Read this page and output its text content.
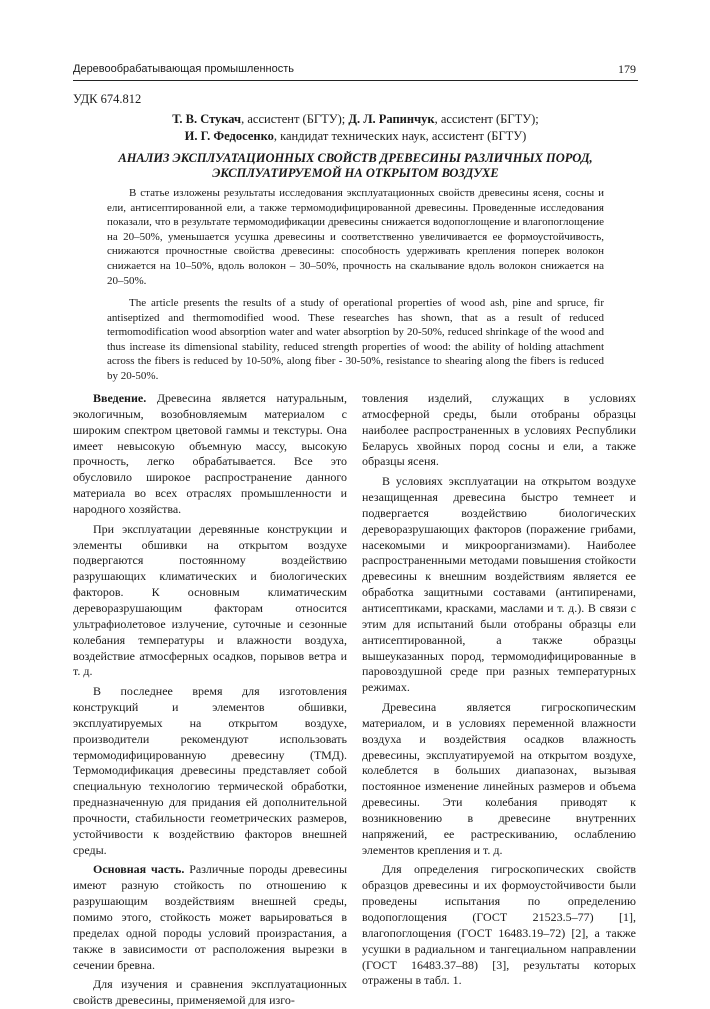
Деревообрабатывающая промышленность	179
УДК 674.812
Т. В. Стукач, ассистент (БГТУ); Д. Л. Рапинчук, ассистент (БГТУ);
И. Г. Федосенко, кандидат технических наук, ассистент (БГТУ)
АНАЛИЗ ЭКСПЛУАТАЦИОННЫХ СВОЙСТВ ДРЕВЕСИНЫ РАЗЛИЧНЫХ ПОРОД,
ЭКСПЛУАТИРУЕМОЙ НА ОТКРЫТОМ ВОЗДУХЕ

В статье изложены результаты исследования эксплуатационных свойств древесины ясеня, сосны и ели, антисептированной ели, а также термомодифицированной древесины. Проведенные исследования показали, что в результате термомодификации древесины снижается водопоглощение и влагопоглощение на 20–50%, уменьшается усушка древесины и соответственно увеличивается ее формоустойчивость, снижаются прочностные свойства древесины: способность удерживать крепления поперек волокон снижается на 10–50%, вдоль волокон – 30–50%, прочность на скалывание вдоль волокон снижается на 20–50%.

The article presents the results of a study of operational properties of wood ash, pine and spruce, fir antiseptized and thermomodified wood. These researches has shown, that as a result of reduced termomodification wood absorption water and water absorption by 20-50%, reduced shrinkage of the wood and thus increase its dimensional stability, reduced strength properties of wood: the ability of holding attachment across the fibers is reduced by 10-50%, along fiber - 30-50%, resistance to shearing along the fibers is reduced by 20-50%.

Введение. Древесина является натуральным, экологичным, возобновляемым материалом с широким спектром цветовой гаммы и текстуры. Она имеет невысокую объемную массу, высокую прочность, легко обрабатывается. Все это обусловило широкое распространение данного материала во всех отраслях промышленности и народного хозяйства.

При эксплуатации деревянные конструкции и элементы обшивки на открытом воздухе подвергаются постоянному воздействию разрушающих климатических и биологических факторов. К основным климатическим дереворазрушающим факторам относится ультрафиолетовое излучение, суточные и сезонные колебания температуры и влажности воздуха, воздействие атмосферных осадков, порывов ветра и т. д.

В последнее время для изготовления конструкций и элементов обшивки, эксплуатируемых на открытом воздухе, производители рекомендуют использовать термомодифицированную древесину (ТМД). Термомодификация древесины представляет собой специальную технологию термической обработки, предназначенную для придания ей дополнительной прочности, стабильности геометрических размеров, устойчивости к воздействию факторов внешней среды.

Основная часть. Различные породы древесины имеют разную стойкость по отношению к разрушающим воздействиям внешней среды, помимо этого, стойкость может варьироваться в пределах одной породы условий произрастания, а также в зависимости от расположения вырезки в сечении бревна.

Для изучения и сравнения эксплуатационных свойств древесины, применяемой для изго-

товления изделий, служащих в условиях атмосферной среды, были отобраны образцы наиболее распространенных в условиях Республики Беларусь хвойных пород сосны и ели, а также образцы ясеня.

В условиях эксплуатации на открытом воздухе незащищенная древесина быстро темнеет и подвергается воздействию биологических дереворазрушающих факторов (поражение грибами, насекомыми и микроорганизмами). Наиболее распространенными методами повышения стойкости древесины к внешним воздействиям является ее обработка защитными составами (антипиренами, антисептиками, красками, маслами и т. д.). В связи с этим для испытаний были отобраны образцы ели антисептированной, а также образцы вышеуказанных пород, термомодифицированные в паровоздушной среде при разных температурных режимах.

Древесина является гигроскопическим материалом, и в условиях переменной влажности воздуха и воздействия осадков влажность древесины, эксплуатируемой на открытом воздухе, колеблется в больших диапазонах, вызывая постоянное изменение линейных размеров и объема древесины. Эти колебания приводят к возникновению в древесине внутренних напряжений, ее растрескиванию, ослаблению элементов крепления и т. д.

Для определения гигроскопических свойств образцов древесины и их формоустойчивости были проведены испытания по определению водопоглощения (ГОСТ 21523.5–77) [1], влагопоглощения (ГОСТ 16483.19–72) [2], а также усушки в радиальном и тангециальном направлении (ГОСТ 16483.37–88) [3], результаты которых отражены в табл. 1.
